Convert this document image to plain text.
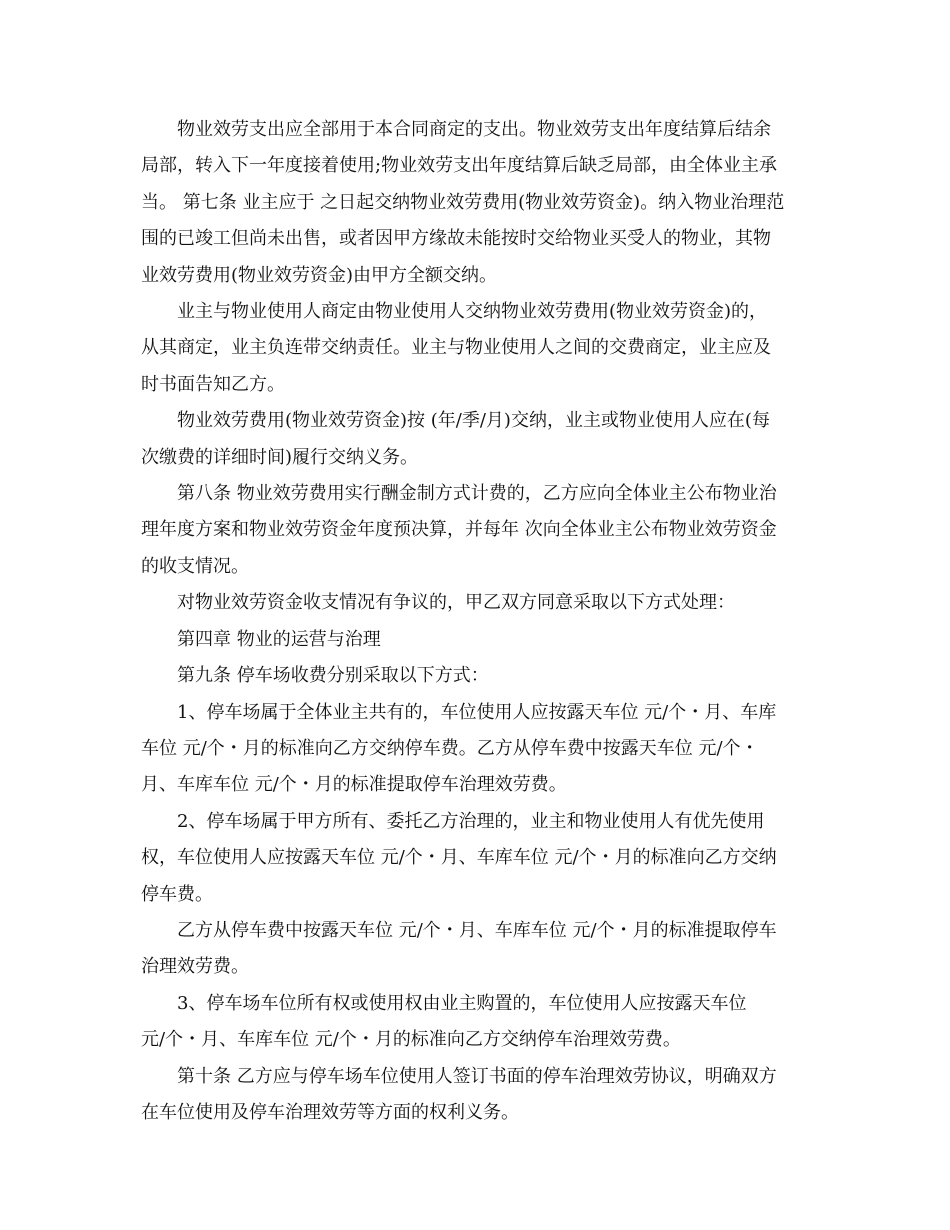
物业效劳支出应全部用于本合同商定的支出。物业效劳支出年度结算后结余
局部，转入下一年度接着使用;物业效劳支出年度结算后缺乏局部，由全体业主承
当。 第七条 业主应于 之日起交纳物业效劳费用(物业效劳资金)。纳入物业治理范
围的已竣工但尚未出售，或者因甲方缘故未能按时交给物业买受人的物业，其物
业效劳费用(物业效劳资金)由甲方全额交纳。

业主与物业使用人商定由物业使用人交纳物业效劳费用(物业效劳资金)的，
从其商定，业主负连带交纳责任。业主与物业使用人之间的交费商定，业主应及
时书面告知乙方。

物业效劳费用(物业效劳资金)按 (年/季/月)交纳，业主或物业使用人应在(每
次缴费的详细时间)履行交纳义务。

第八条 物业效劳费用实行酬金制方式计费的，乙方应向全体业主公布物业治
理年度方案和物业效劳资金年度预决算，并每年 次向全体业主公布物业效劳资金
的收支情况。

对物业效劳资金收支情况有争议的，甲乙双方同意采取以下方式处理：

第四章 物业的运营与治理

第九条 停车场收费分别采取以下方式：

1、停车场属于全体业主共有的，车位使用人应按露天车位 元/个・月、车库
车位 元/个・月的标准向乙方交纳停车费。乙方从停车费中按露天车位 元/个・
月、车库车位 元/个・月的标准提取停车治理效劳费。

2、停车场属于甲方所有、委托乙方治理的，业主和物业使用人有优先使用
权，车位使用人应按露天车位 元/个・月、车库车位 元/个・月的标准向乙方交纳
停车费。

乙方从停车费中按露天车位 元/个・月、车库车位 元/个・月的标准提取停车
治理效劳费。

3、停车场车位所有权或使用权由业主购置的，车位使用人应按露天车位
元/个・月、车库车位 元/个・月的标准向乙方交纳停车治理效劳费。

第十条 乙方应与停车场车位使用人签订书面的停车治理效劳协议，明确双方
在车位使用及停车治理效劳等方面的权利义务。
